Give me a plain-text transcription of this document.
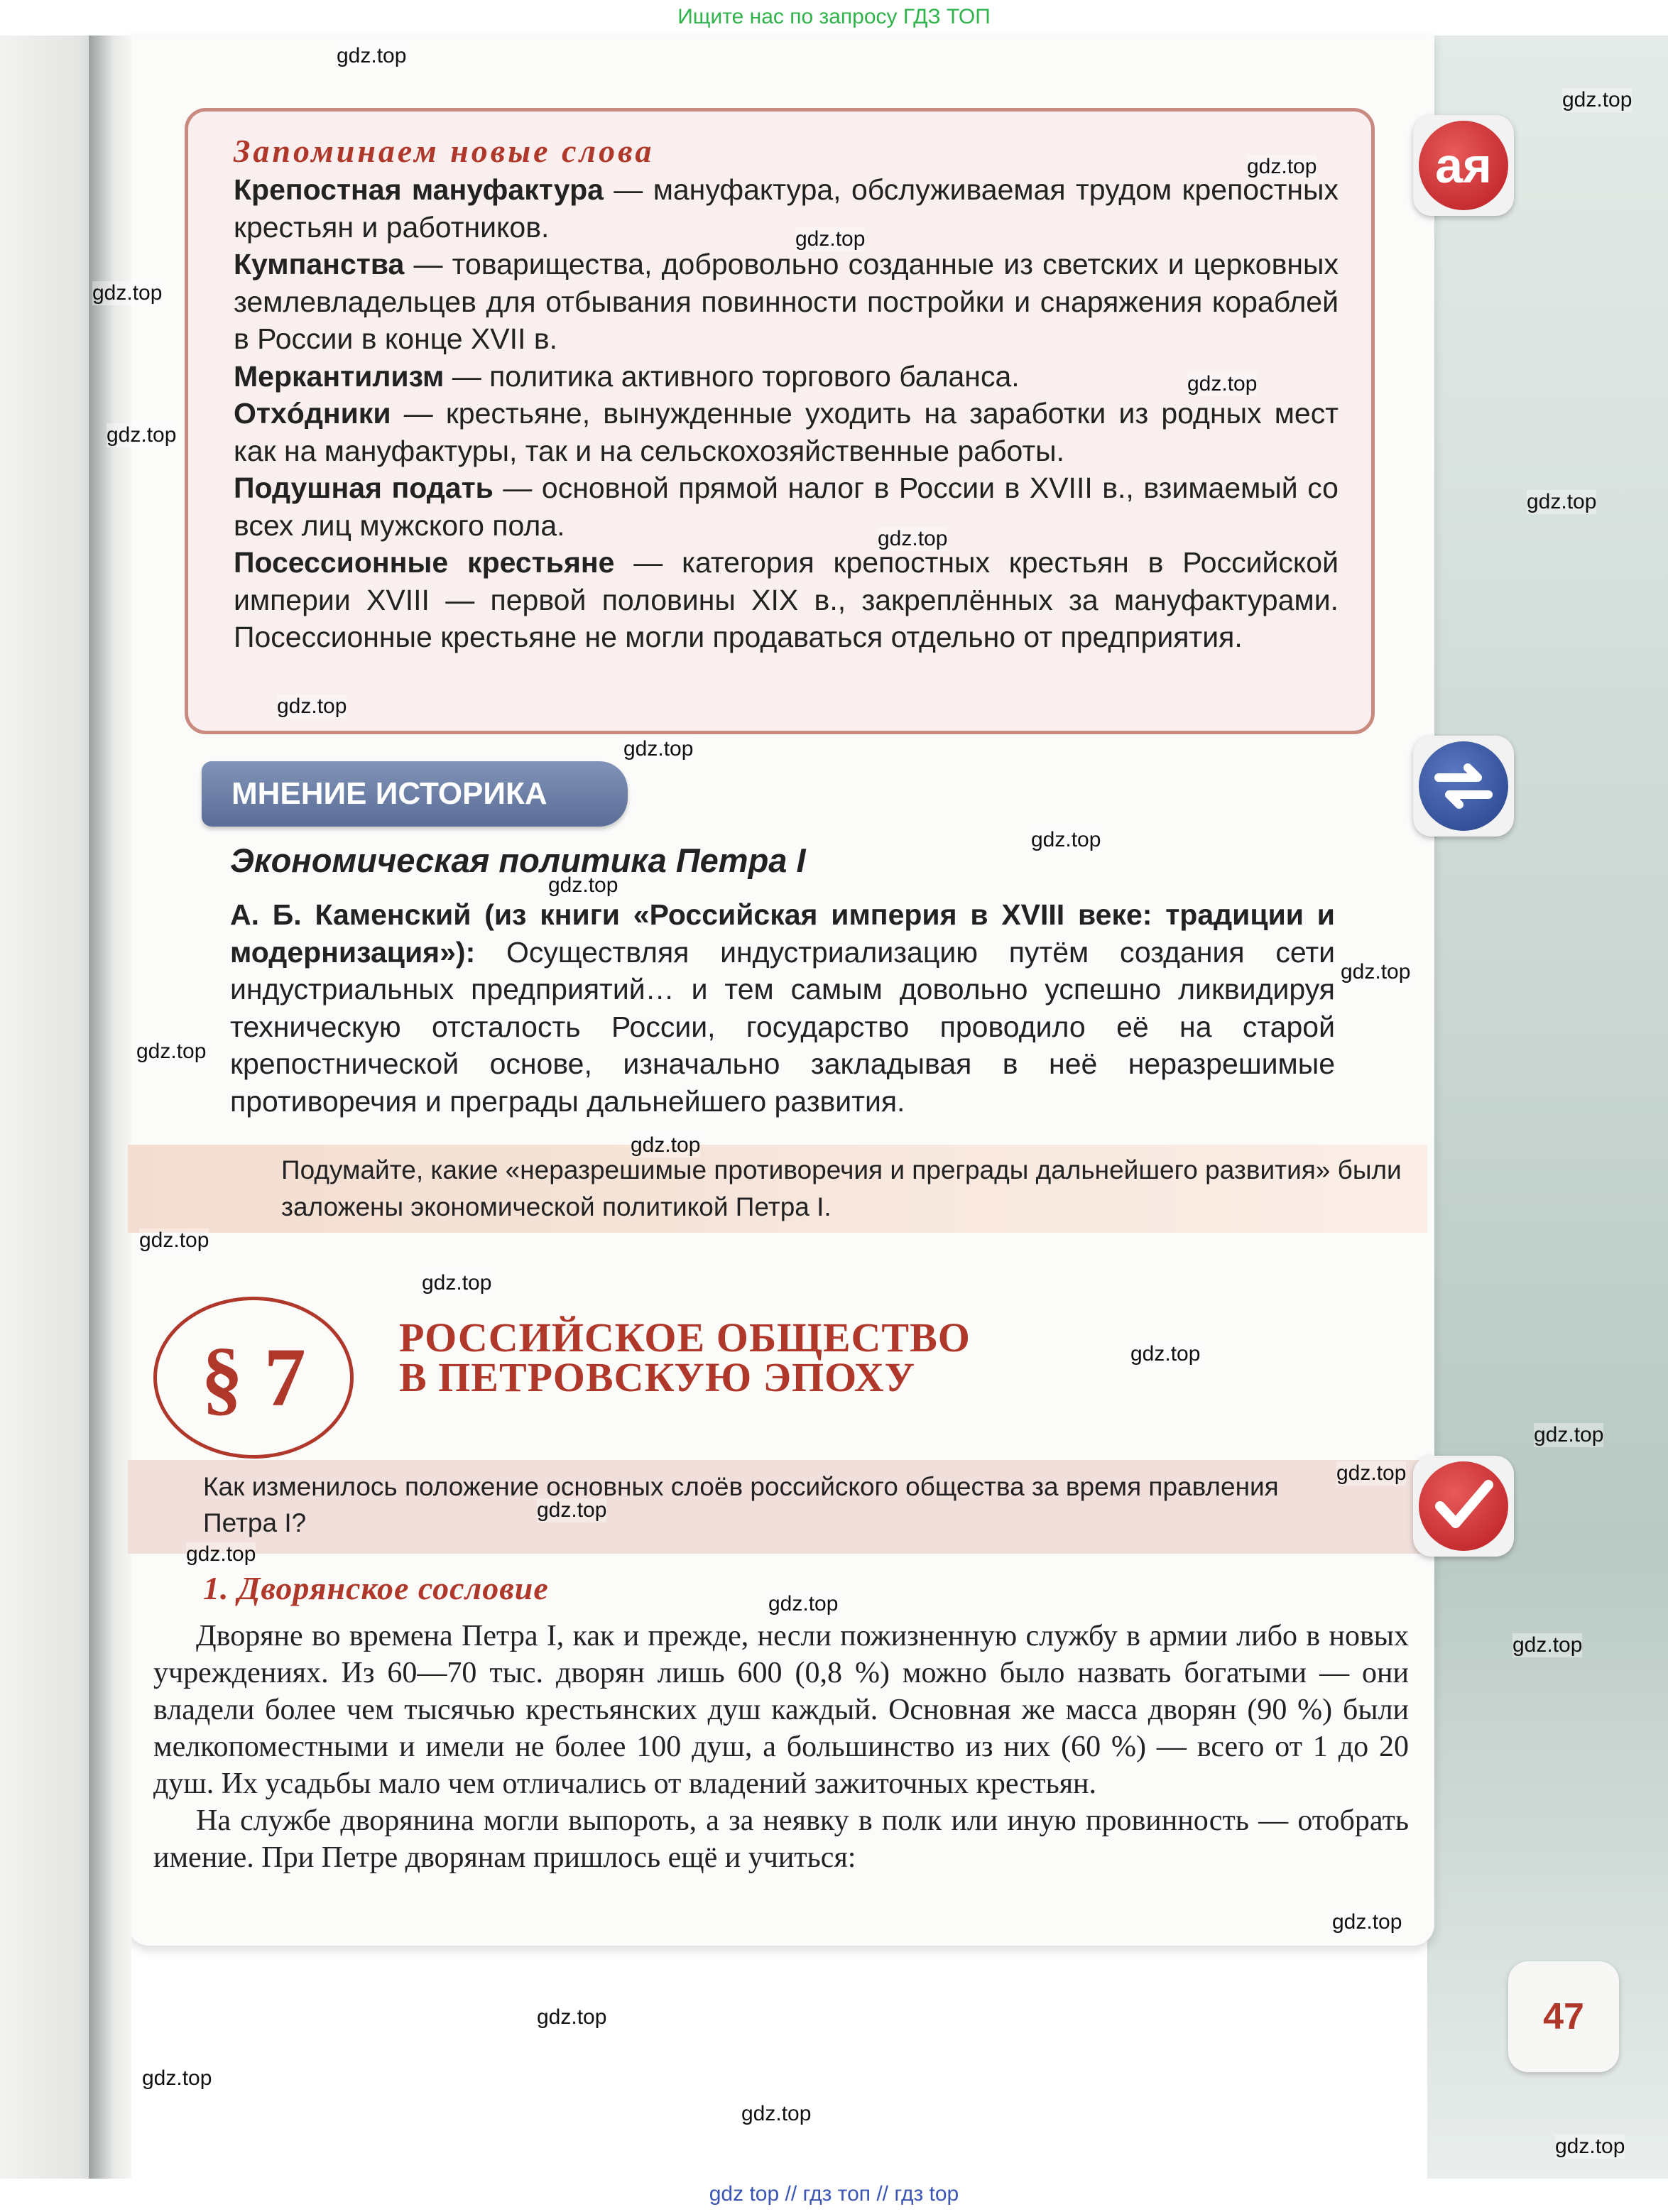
Ищите нас по запросу ГДЗ ТОП
Запоминаем новые слова
Крепостная мануфактура — мануфактура, обслуживаемая трудом крепостных крестьян и работников.
Кумпанства — товарищества, добровольно созданные из светских и церковных землевладельцев для отбывания повинности постройки и снаряжения кораблей в России в конце XVII в.
Меркантилизм — политика активного торгового баланса.
Отхóдники — крестьяне, вынужденные уходить на заработки из родных мест как на мануфактуры, так и на сельскохозяйственные работы.
Подушная подать — основной прямой налог в России в XVIII в., взимаемый со всех лиц мужского пола.
Посессионные крестьяне — категория крепостных крестьян в Российской империи XVIII — первой половины XIX в., закреплённых за мануфактурами. Посессионные крестьяне не могли продаваться отдельно от предприятия.
МНЕНИЕ ИСТОРИКА
Экономическая политика Петра I
А. Б. Каменский (из книги «Российская империя в XVIII веке: традиции и модернизация»): Осуществляя индустриализацию путём создания сети индустриальных предприятий… и тем самым довольно успешно ликвидируя техническую отсталость России, государство проводило её на старой крепостнической основе, изначально закладывая в неё неразрешимые противоречия и преграды дальнейшего развития.
Подумайте, какие «неразрешимые противоречия и преграды дальнейшего развития» были заложены экономической политикой Петра I.
§ 7	РОССИЙСКОЕ ОБЩЕСТВО
В ПЕТРОВСКУЮ ЭПОХУ
Как изменилось положение основных слоёв российского общества за время правления Петра I?
1. Дворянское сословие

Дворяне во времена Петра I, как и прежде, несли пожизненную службу в армии либо в новых учреждениях. Из 60—70 тыс. дворян лишь 600 (0,8 %) можно было назвать богатыми — они владели более чем тысячью крестьянских душ каждый. Основная же масса дворян (90 %) были мелкопоместными и имели не более 100 душ, а большинство из них (60 %) — всего от 1 до 20 душ. Их усадьбы мало чем отличались от владений зажиточных крестьян.

На службе дворянина могли выпороть, а за неявку в полк или иную провинность — отобрать имение. При Петре дворянам пришлось ещё и учиться:

ая
47
gdz.top
gdz.top
gdz.top
gdz.top
gdz.top
gdz.top
gdz.top
gdz.top
gdz.top
gdz.top
gdz.top
gdz.top
gdz.top
gdz.top
gdz.top
gdz.top
gdz.top
gdz.top
gdz.top
gdz.top
gdz.top
gdz.top
gdz.top
gdz.top
gdz.top
gdz.top
gdz.top
gdz.top
gdz.top
gdz.top
gdz top // гдз топ // гдз top
